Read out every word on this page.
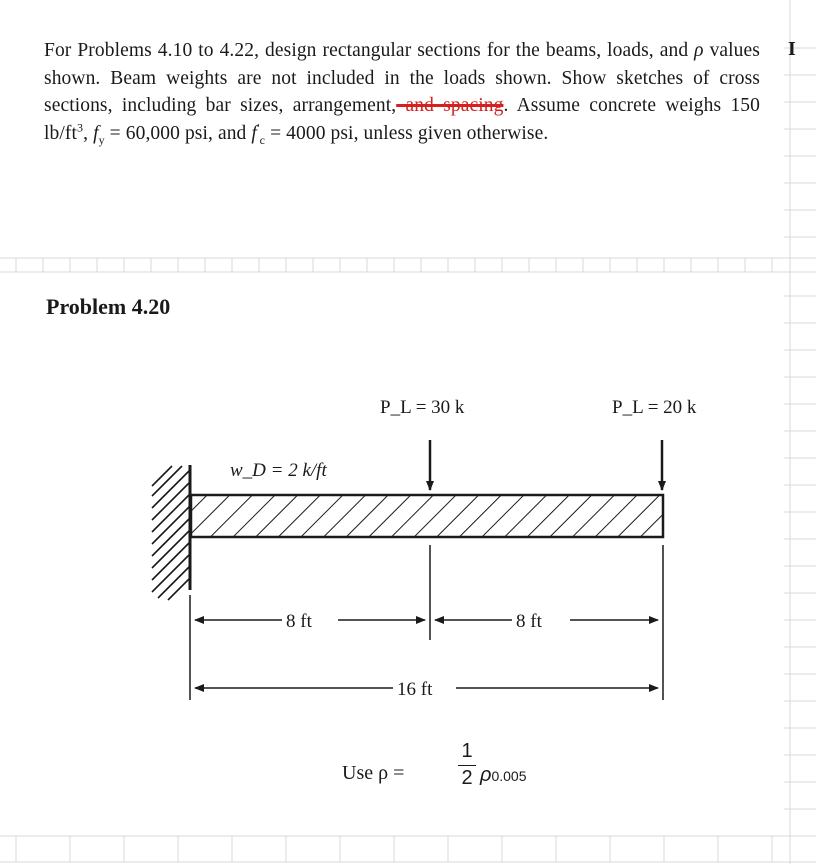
For Problems 4.10 to 4.22, design rectangular sections for the beams, loads, and ρ values shown. Beam weights are not included in the loads shown. Show sketches of cross sections, including bar sizes, arrangement, and spacing. Assume concrete weighs 150 $lb/ft^3$, $f_y = 60,000$ psi, and $f'_c = 4000$ psi, unless given otherwise.
I
Problem 4.20
w_D = 2 k/ft
P_L = 30 k	P_L = 20 k
8 ft	8 ft
16 ft
Use ρ =	$\frac{1}{2} \rho 0.005$
